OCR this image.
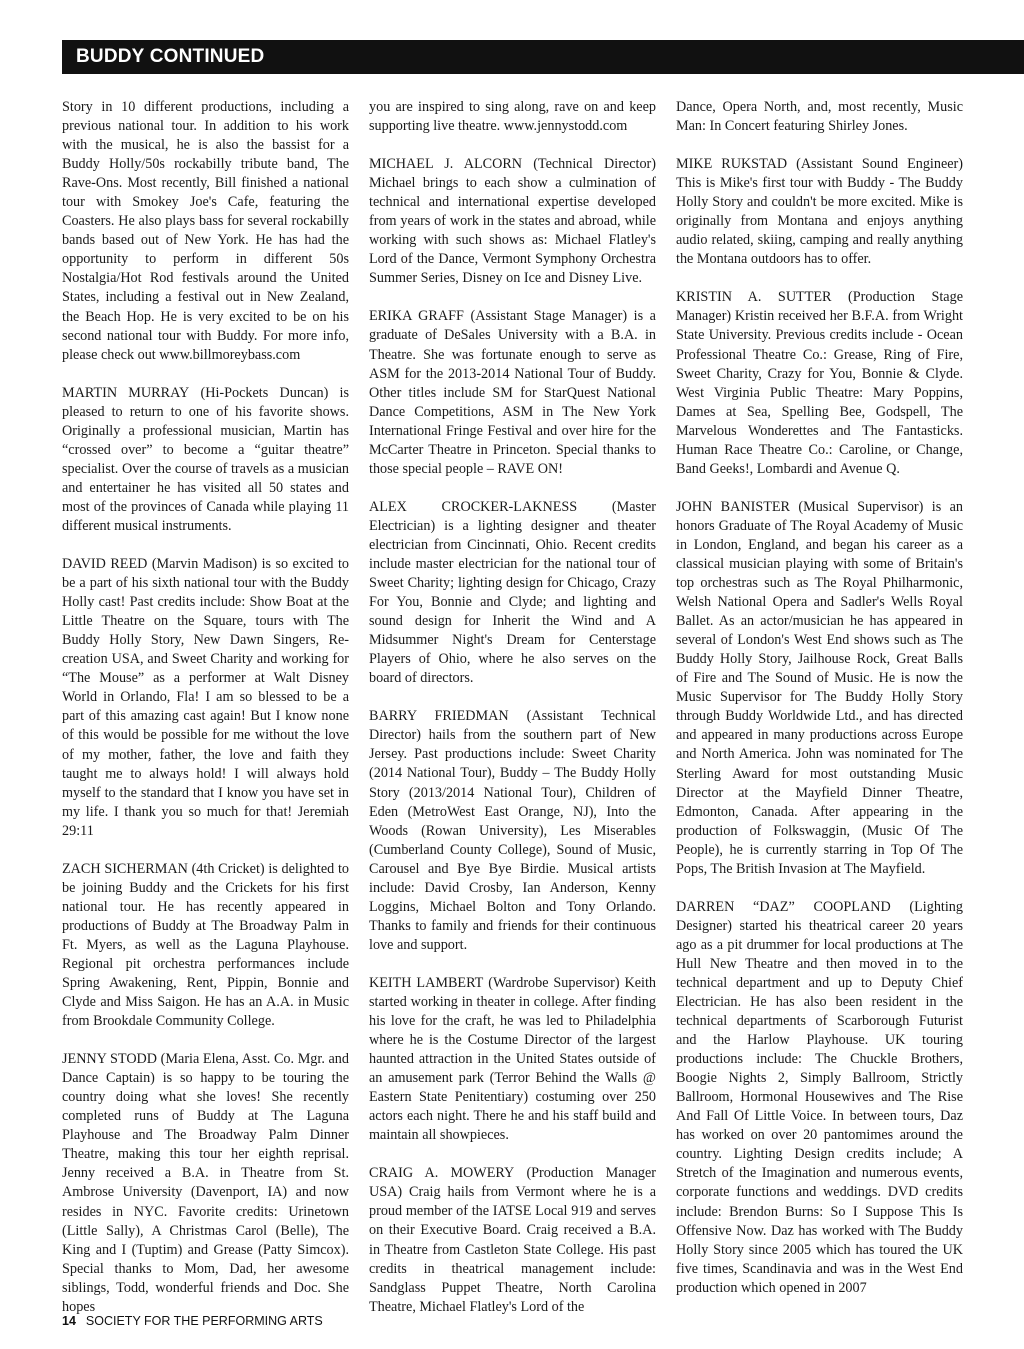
BUDDY CONTINUED

Story in 10 different productions, including a previous national tour. In addition to his work with the musical, he is also the bassist for a Buddy Holly/50s rockabilly tribute band, The Rave-Ons. Most recently, Bill finished a national tour with Smokey Joe's Cafe, featuring the Coasters. He also plays bass for several rockabilly bands based out of New York. He has had the opportunity to perform in different 50s Nostalgia/Hot Rod festivals around the United States, including a festival out in New Zealand, the Beach Hop. He is very excited to be on his second national tour with Buddy. For more info, please check out www.billmoreybass.com

MARTIN MURRAY (Hi-Pockets Duncan) is pleased to return to one of his favorite shows. Originally a professional musician, Martin has “crossed over” to become a “guitar theatre” specialist. Over the course of travels as a musician and entertainer he has visited all 50 states and most of the provinces of Canada while playing 11 different musical instruments.

DAVID REED (Marvin Madison) is so excited to be a part of his sixth national tour with the Buddy Holly cast! Past credits include: Show Boat at the Little Theatre on the Square, tours with The Buddy Holly Story, New Dawn Singers, Re-creation USA, and Sweet Charity and working for “The Mouse” as a performer at Walt Disney World in Orlando, Fla! I am so blessed to be a part of this amazing cast again! But I know none of this would be possible for me without the love of my mother, father, the love and faith they taught me to always hold! I will always hold myself to the standard that I know you have set in my life. I thank you so much for that! Jeremiah 29:11

ZACH SICHERMAN (4th Cricket) is delighted to be joining Buddy and the Crickets for his first national tour. He has recently appeared in productions of Buddy at The Broadway Palm in Ft. Myers, as well as the Laguna Playhouse. Regional pit orchestra performances include Spring Awakening, Rent, Pippin, Bonnie and Clyde and Miss Saigon. He has an A.A. in Music from Brookdale Community College.

JENNY STODD (Maria Elena, Asst. Co. Mgr. and Dance Captain) is so happy to be touring the country doing what she loves! She recently completed runs of Buddy at The Laguna Playhouse and The Broadway Palm Dinner Theatre, making this tour her eighth reprisal. Jenny received a B.A. in Theatre from St. Ambrose University (Davenport, IA) and now resides in NYC. Favorite credits: Urinetown (Little Sally), A Christmas Carol (Belle), The King and I (Tuptim) and Grease (Patty Simcox). Special thanks to Mom, Dad, her awesome siblings, Todd, wonderful friends and Doc. She hopes

you are inspired to sing along, rave on and keep supporting live theatre. www.jennystodd.com

MICHAEL J. ALCORN (Technical Director) Michael brings to each show a culmination of technical and international expertise developed from years of work in the states and abroad, while working with such shows as: Michael Flatley's Lord of the Dance, Vermont Symphony Orchestra Summer Series, Disney on Ice and Disney Live.

ERIKA GRAFF (Assistant Stage Manager) is a graduate of DeSales University with a B.A. in Theatre. She was fortunate enough to serve as ASM for the 2013-2014 National Tour of Buddy. Other titles include SM for StarQuest National Dance Competitions, ASM in The New York International Fringe Festival and over hire for the McCarter Theatre in Princeton. Special thanks to those special people – RAVE ON!

ALEX CROCKER-LAKNESS (Master Electrician) is a lighting designer and theater electrician from Cincinnati, Ohio. Recent credits include master electrician for the national tour of Sweet Charity; lighting design for Chicago, Crazy For You, Bonnie and Clyde; and lighting and sound design for Inherit the Wind and A Midsummer Night's Dream for Centerstage Players of Ohio, where he also serves on the board of directors.

BARRY FRIEDMAN (Assistant Technical Director) hails from the southern part of New Jersey. Past productions include: Sweet Charity (2014 National Tour), Buddy – The Buddy Holly Story (2013/2014 National Tour), Children of Eden (MetroWest East Orange, NJ), Into the Woods (Rowan University), Les Miserables (Cumberland County College), Sound of Music, Carousel and Bye Bye Birdie. Musical artists include: David Crosby, Ian Anderson, Kenny Loggins, Michael Bolton and Tony Orlando. Thanks to family and friends for their continuous love and support.

KEITH LAMBERT (Wardrobe Supervisor) Keith started working in theater in college. After finding his love for the craft, he was led to Philadelphia where he is the Costume Director of the largest haunted attraction in the United States outside of an amusement park (Terror Behind the Walls @ Eastern State Penitentiary) costuming over 250 actors each night. There he and his staff build and maintain all showpieces.

CRAIG A. MOWERY (Production Manager USA) Craig hails from Vermont where he is a proud member of the IATSE Local 919 and serves on their Executive Board. Craig received a B.A. in Theatre from Castleton State College. His past credits in theatrical management include: Sandglass Puppet Theatre, North Carolina Theatre, Michael Flatley's Lord of the

Dance, Opera North, and, most recently, Music Man: In Concert featuring Shirley Jones.

MIKE RUKSTAD (Assistant Sound Engineer) This is Mike's first tour with Buddy - The Buddy Holly Story and couldn't be more excited. Mike is originally from Montana and enjoys anything audio related, skiing, camping and really anything the Montana outdoors has to offer.

KRISTIN A. SUTTER (Production Stage Manager) Kristin received her B.F.A. from Wright State University. Previous credits include - Ocean Professional Theatre Co.: Grease, Ring of Fire, Sweet Charity, Crazy for You, Bonnie & Clyde. West Virginia Public Theatre: Mary Poppins, Dames at Sea, Spelling Bee, Godspell, The Marvelous Wonderettes and The Fantasticks. Human Race Theatre Co.: Caroline, or Change, Band Geeks!, Lombardi and Avenue Q.

JOHN BANISTER (Musical Supervisor) is an honors Graduate of The Royal Academy of Music in London, England, and began his career as a classical musician playing with some of Britain's top orchestras such as The Royal Philharmonic, Welsh National Opera and Sadler's Wells Royal Ballet. As an actor/musician he has appeared in several of London's West End shows such as The Buddy Holly Story, Jailhouse Rock, Great Balls of Fire and The Sound of Music. He is now the Music Supervisor for The Buddy Holly Story through Buddy Worldwide Ltd., and has directed and appeared in many productions across Europe and North America. John was nominated for The Sterling Award for most outstanding Music Director at the Mayfield Dinner Theatre, Edmonton, Canada. After appearing in the production of Folkswaggin, (Music Of The People), he is currently starring in Top Of The Pops, The British Invasion at The Mayfield.

DARREN “DAZ” COOPLAND (Lighting Designer) started his theatrical career 20 years ago as a pit drummer for local productions at The Hull New Theatre and then moved in to the technical department and up to Deputy Chief Electrician. He has also been resident in the technical departments of Scarborough Futurist and the Harlow Playhouse. UK touring productions include: The Chuckle Brothers, Boogie Nights 2, Simply Ballroom, Strictly Ballroom, Hormonal Housewives and The Rise And Fall Of Little Voice. In between tours, Daz has worked on over 20 pantomimes around the country. Lighting Design credits include; A Stretch of the Imagination and numerous events, corporate functions and weddings. DVD credits include: Brendon Burns: So I Suppose This Is Offensive Now. Daz has worked with The Buddy Holly Story since 2005 which has toured the UK five times, Scandinavia and was in the West End production which opened in 2007

14 SOCIETY FOR THE PERFORMING ARTS
